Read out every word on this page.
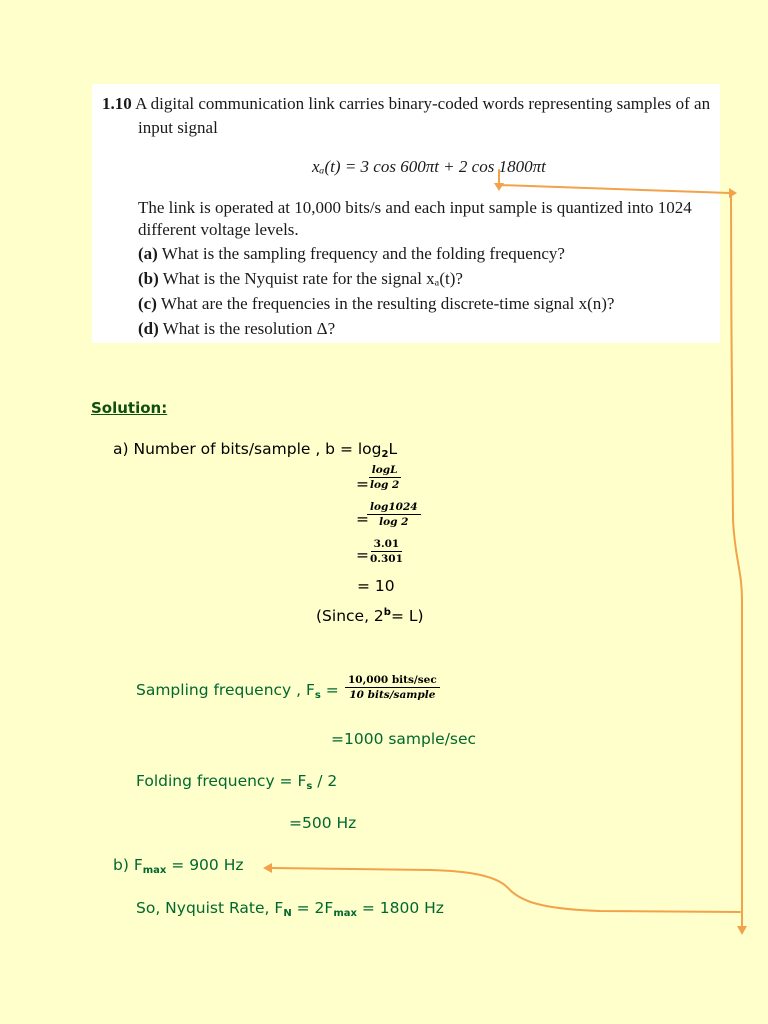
1.10 A digital communication link carries binary-coded words representing samples of an
input signal
xₐ(t) = 3 cos 600πt + 2 cos 1800πt
The link is operated at 10,000 bits/s and each input sample is quantized into 1024
different voltage levels.
(a) What is the sampling frequency and the folding frequency?
(b) What is the Nyquist rate for the signal xₐ(t)?
(c) What are the frequencies in the resulting discrete-time signal x(n)?
(d) What is the resolution Δ?
Solution:
a) Number of bits/sample , $b = \log_2L$
=
$\frac{\log L}{\log 2}$
=
$\frac{\log 1024}{\log 2}$
=
$\frac{3.01}{0.301}$
= 10
(Since, $2^b= L$)
Sampling frequency , $F_s$ =
10,000 bits/sec
10 bits/sample
=1000 sample/sec
Folding frequency = $F_s / 2$
=500 Hz
b) $F_{max} = 900$ Hz
So, Nyquist Rate, $F_N = 2F_{max} = 1800$ Hz
